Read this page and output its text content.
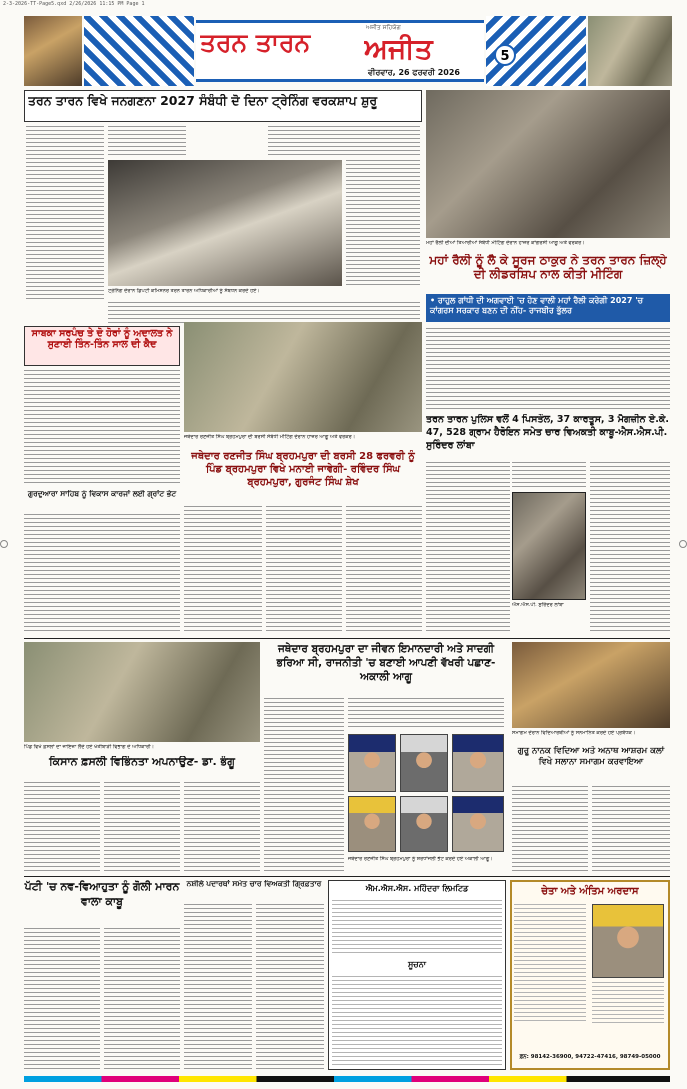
2-3-2026-TT-Page5.qxd 2/26/2026 11:15 PM Page 1
ਤਰਨ ਤਾਰਨ
ਅਜੀਤ ਸਹਿਯੋਗ
ਅਜੀਤ
ਵੀਰਵਾਰ, 26 ਫਰਵਰੀ 2026
5
ਤਰਨ ਤਾਰਨ ਵਿਖੇ ਜਨਗਣਨਾ 2027 ਸੰਬੰਧੀ ਦੋ ਦਿਨਾ ਟ੍ਰੇਨਿੰਗ ਵਰਕਸ਼ਾਪ ਸ਼ੁਰੂ
ਟ੍ਰੇਨਿੰਗ ਦੌਰਾਨ ਡਿਪਟੀ ਕਮਿਸ਼ਨਰ ਤਰਨ ਤਾਰਨ ਅਧਿਕਾਰੀਆਂ ਨੂੰ ਸੰਬੋਧਨ ਕਰਦੇ ਹੋਏ।
ਮਹਾਂ ਰੈਲੀ ਦੀਆਂ ਤਿਆਰੀਆਂ ਸੰਬੰਧੀ ਮੀਟਿੰਗ ਦੌਰਾਨ ਹਾਜ਼ਰ ਕਾਂਗਰਸੀ ਆਗੂ ਅਤੇ ਵਰਕਰ।
ਮਹਾਂ ਰੈਲੀ ਨੂੰ ਲੈ ਕੇ ਸੂਰਜ ਠਾਕੁਰ ਨੇ ਤਰਨ ਤਾਰਨ ਜ਼ਿਲ੍ਹੇ ਦੀ ਲੀਡਰਸ਼ਿਪ ਨਾਲ ਕੀਤੀ ਮੀਟਿੰਗ
• ਰਾਹੁਲ ਗਾਂਧੀ ਦੀ ਅਗਵਾਈ 'ਚ ਹੋਣ ਵਾਲੀ ਮਹਾਂ ਰੈਲੀ ਕਰੇਗੀ 2027 'ਚ ਕਾਂਗਰਸ ਸਰਕਾਰ ਬਣਨ ਦੀ ਨੀਂਹ- ਰਾਜਬੀਰ ਭੁੱਲਰ
ਸਾਬਕਾ ਸਰਪੰਚ ਤੇ ਦੋ ਹੋਰਾਂ ਨੂੰ ਅਦਾਲਤ ਨੇ ਸੁਣਾਈ ਤਿੰਨ-ਤਿੰਨ ਸਾਲ ਦੀ ਕੈਦ
ਜਥੇਦਾਰ ਰਣਜੀਤ ਸਿੰਘ ਬ੍ਰਹਮਪੁਰਾ ਦੀ ਬਰਸੀ ਸੰਬੰਧੀ ਮੀਟਿੰਗ ਦੌਰਾਨ ਹਾਜ਼ਰ ਆਗੂ ਅਤੇ ਵਰਕਰ।
ਤਰਨ ਤਾਰਨ ਪੁਲਿਸ ਵਲੋਂ 4 ਪਿਸਤੌਲ, 37 ਕਾਰਤੂਸ, 3 ਮੈਗਜ਼ੀਨ ਏ.ਕੇ. 47, 528 ਗ੍ਰਾਮ ਹੈਰੋਇਨ ਸਮੇਤ ਚਾਰ ਵਿਅਕਤੀ ਕਾਬੂ-ਐਸ.ਐਸ.ਪੀ. ਸੁਰਿੰਦਰ ਲਾਂਬਾ
ਐਸ.ਐਸ.ਪੀ. ਸੁਰਿੰਦਰ ਲਾਂਬਾ
ਜਥੇਦਾਰ ਰਣਜੀਤ ਸਿੰਘ ਬ੍ਰਹਮਪੁਰਾ ਦੀ ਬਰਸੀ 28 ਫਰਵਰੀ ਨੂੰ ਪਿੰਡ ਬ੍ਰਹਮਪੁਰਾ ਵਿਖੇ ਮਨਾਈ ਜਾਵੇਗੀ- ਰਵਿੰਦਰ ਸਿੰਘ ਬ੍ਰਹਮਪੁਰਾ, ਗੁਰਜੰਟ ਸਿੰਘ ਸ਼ੇਖ
ਗੁਰਦੁਆਰਾ ਸਾਹਿਬ ਨੂੰ ਵਿਕਾਸ ਕਾਰਜਾਂ ਲਈ ਗ੍ਰਾਂਟ ਭੇਟ
ਪਿੰਡ ਵਿਖੇ ਫ਼ਸਲਾਂ ਦਾ ਜਾਇਜ਼ਾ ਲੈਂਦੇ ਹੋਏ ਖੇਤੀਬਾੜੀ ਵਿਭਾਗ ਦੇ ਅਧਿਕਾਰੀ।
ਕਿਸਾਨ ਫ਼ਸਲੀ ਵਿਭਿੰਨਤਾ ਅਪਨਾਉਣ- ਡਾ. ਭੰਗੂ
ਜਥੇਦਾਰ ਬ੍ਰਹਮਪੁਰਾ ਦਾ ਜੀਵਨ ਇਮਾਨਦਾਰੀ ਅਤੇ ਸਾਦਗੀ ਭਰਿਆ ਸੀ, ਰਾਜਨੀਤੀ 'ਚ ਬਣਾਈ ਆਪਣੀ ਵੱਖਰੀ ਪਛਾਣ-ਅਕਾਲੀ ਆਗੂ
ਜਥੇਦਾਰ ਰਣਜੀਤ ਸਿੰਘ ਬ੍ਰਹਮਪੁਰਾ ਨੂੰ ਸ਼ਰਧਾਂਜਲੀ ਭੇਟ ਕਰਦੇ ਹੋਏ ਅਕਾਲੀ ਆਗੂ।
ਸਮਾਗਮ ਦੌਰਾਨ ਵਿਦਿਆਰਥੀਆਂ ਨੂੰ ਸਨਮਾਨਿਤ ਕਰਦੇ ਹੋਏ ਪ੍ਰਬੰਧਕ।
ਗੁਰੂ ਨਾਨਕ ਵਿਦਿਆ ਅਤੇ ਅਨਾਥ ਆਸ਼ਰਮ ਕਲਾਂ ਵਿਖੇ ਸਲਾਨਾ ਸਮਾਗਮ ਕਰਵਾਇਆ
ਪੱਟੀ 'ਚ ਨਵ-ਵਿਆਹੁਤਾ ਨੂੰ ਗੋਲੀ ਮਾਰਨ ਵਾਲਾ ਕਾਬੂ
ਨਸ਼ੀਲੇ ਪਦਾਰਥਾਂ ਸਮੇਤ ਚਾਰ ਵਿਅਕਤੀ ਗ੍ਰਿਫ਼ਤਾਰ
ਐਮ.ਐਸ.ਐਸ. ਮਹਿੰਦਰਾ ਲਿਮਟਿਡ
ਸੂਚਨਾ
ਚੇਤਾ ਅਤੇ ਅੰਤਿਮ ਅਰਦਾਸ
ਫ਼ੋਨ: 98142-36900, 94722-47416, 98749-05000
